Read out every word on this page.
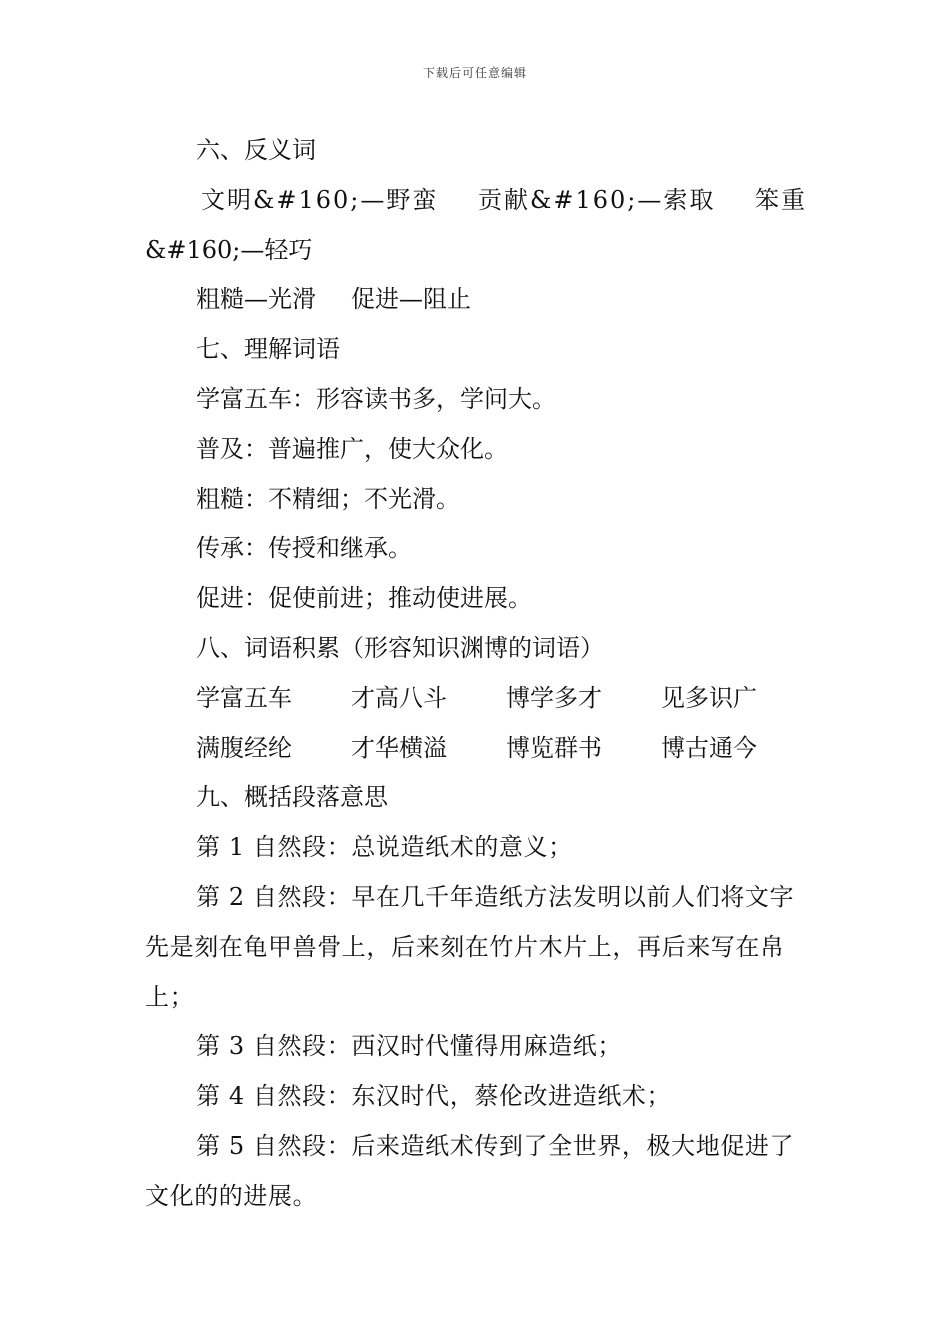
下载后可任意编辑
六、反义词
文明&#160;—野蛮 贡献&#160;—索取 笨重
&#160;—轻巧
粗糙—光滑 促进—阻止
七、理解词语
学富五车：形容读书多，学问大。
普及：普遍推广，使大众化。
粗糙：不精细；不光滑。
传承：传授和继承。
促进：促使前进；推动使进展。
八、词语积累（形容知识渊博的词语）
学富五车 才高八斗 博学多才 见多识广
满腹经纶 才华横溢 博览群书 博古通今
九、概括段落意思
第 1 自然段：总说造纸术的意义；
第 2 自然段：早在几千年造纸方法发明以前人们将文字先是刻在龟甲兽骨上，后来刻在竹片木片上，再后来写在帛上；
第 3 自然段：西汉时代懂得用麻造纸；
第 4 自然段：东汉时代，蔡伦改进造纸术；
第 5 自然段：后来造纸术传到了全世界，极大地促进了文化的的进展。
